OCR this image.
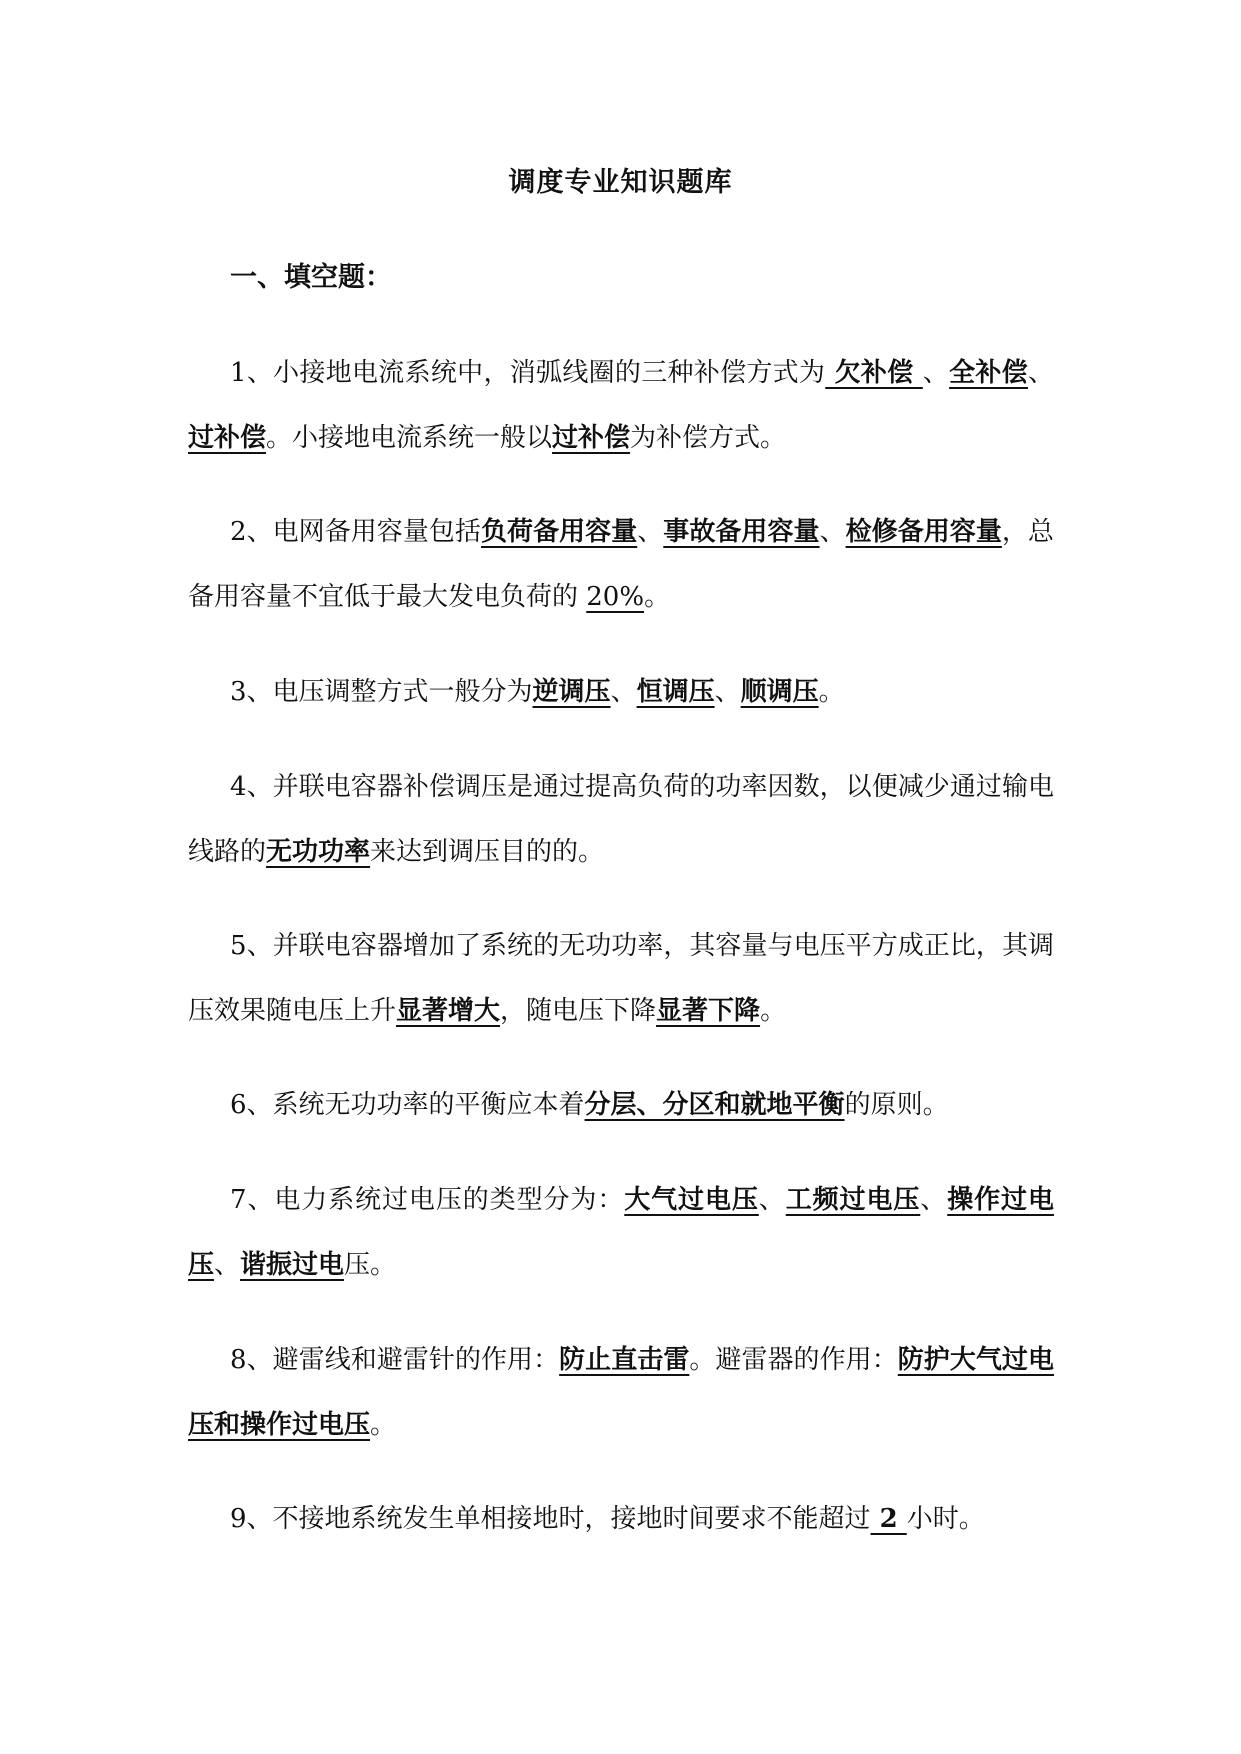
调度专业知识题库
一、填空题：
1、小接地电流系统中，消弧线圈的三种补偿方式为 欠补偿 、全补偿、过补偿。小接地电流系统一般以过补偿为补偿方式。
2、电网备用容量包括负荷备用容量、事故备用容量、检修备用容量，总备用容量不宜低于最大发电负荷的 20%。
3、电压调整方式一般分为逆调压、恒调压、顺调压。
4、并联电容器补偿调压是通过提高负荷的功率因数，以便减少通过输电线路的无功功率来达到调压目的的。
5、并联电容器增加了系统的无功功率，其容量与电压平方成正比，其调压效果随电压上升显著增大，随电压下降显著下降。
6、系统无功功率的平衡应本着分层、分区和就地平衡的原则。
7、电力系统过电压的类型分为：大气过电压、工频过电压、操作过电压、谐振过电压。
8、避雷线和避雷针的作用：防止直击雷。避雷器的作用：防护大气过电压和操作过电压。
9、不接地系统发生单相接地时，接地时间要求不能超过 2 小时。
